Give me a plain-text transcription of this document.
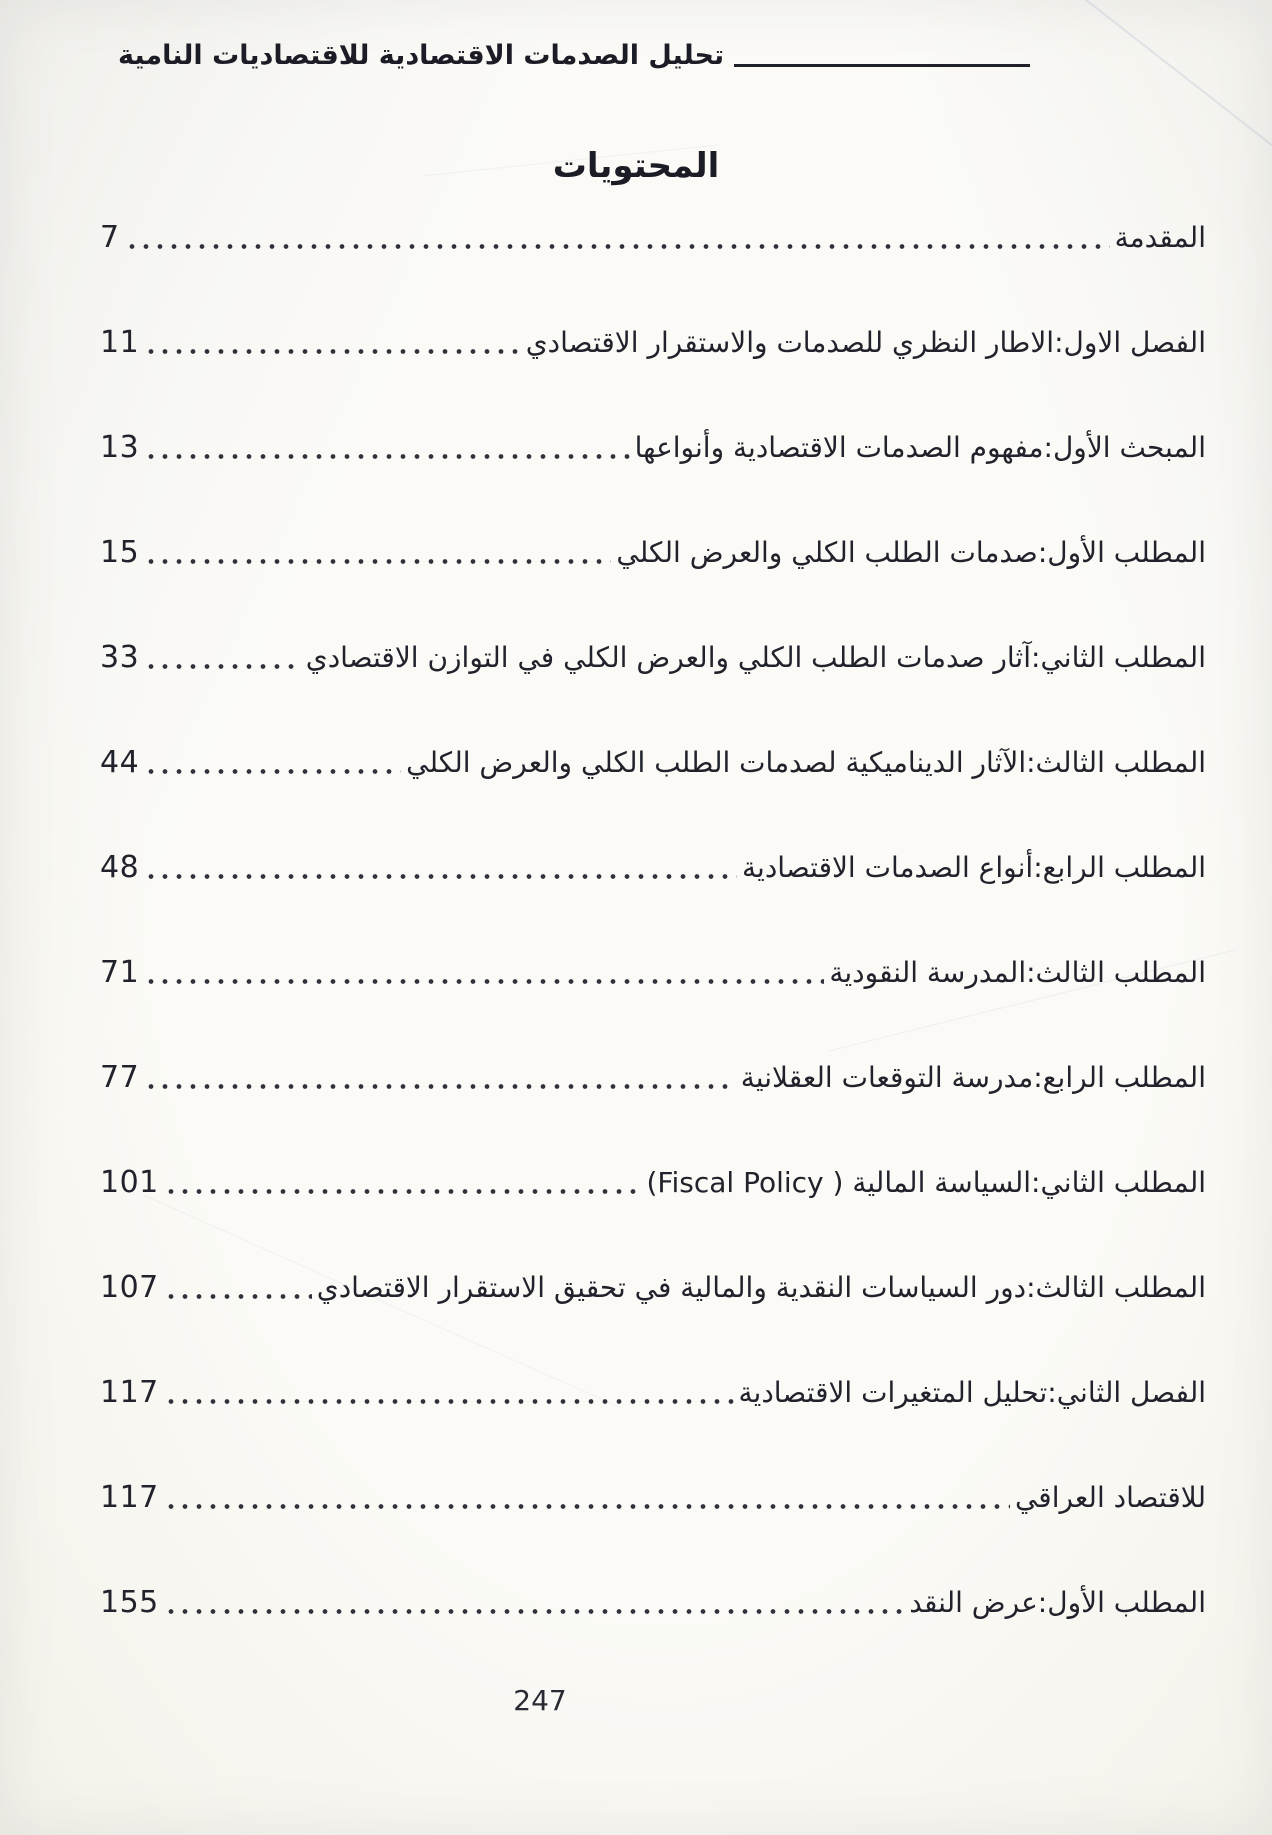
تحليل الصدمات الاقتصادية للاقتصاديات النامية
المحتويات
المقدمة
7
الفصل الاول:الاطار النظري للصدمات والاستقرار الاقتصادي
11
المبحث الأول:مفهوم الصدمات الاقتصادية وأنواعها
13
المطلب الأول:صدمات الطلب الكلي والعرض الكلي
15
المطلب الثاني:آثار صدمات الطلب الكلي والعرض الكلي في التوازن الاقتصادي
33
المطلب الثالث:الآثار الديناميكية لصدمات الطلب الكلي والعرض الكلي
44
المطلب الرابع:أنواع الصدمات الاقتصادية
48
المطلب الثالث:المدرسة النقودية
71
المطلب الرابع:مدرسة التوقعات العقلانية
77
المطلب الثاني:السياسة المالية ( Fiscal Policy)
101
المطلب الثالث:دور السياسات النقدية والمالية في تحقيق الاستقرار الاقتصادي
107
الفصل الثاني:تحليل المتغيرات الاقتصادية
117
للاقتصاد العراقي
117
المطلب الأول:عرض النقد
155
247
